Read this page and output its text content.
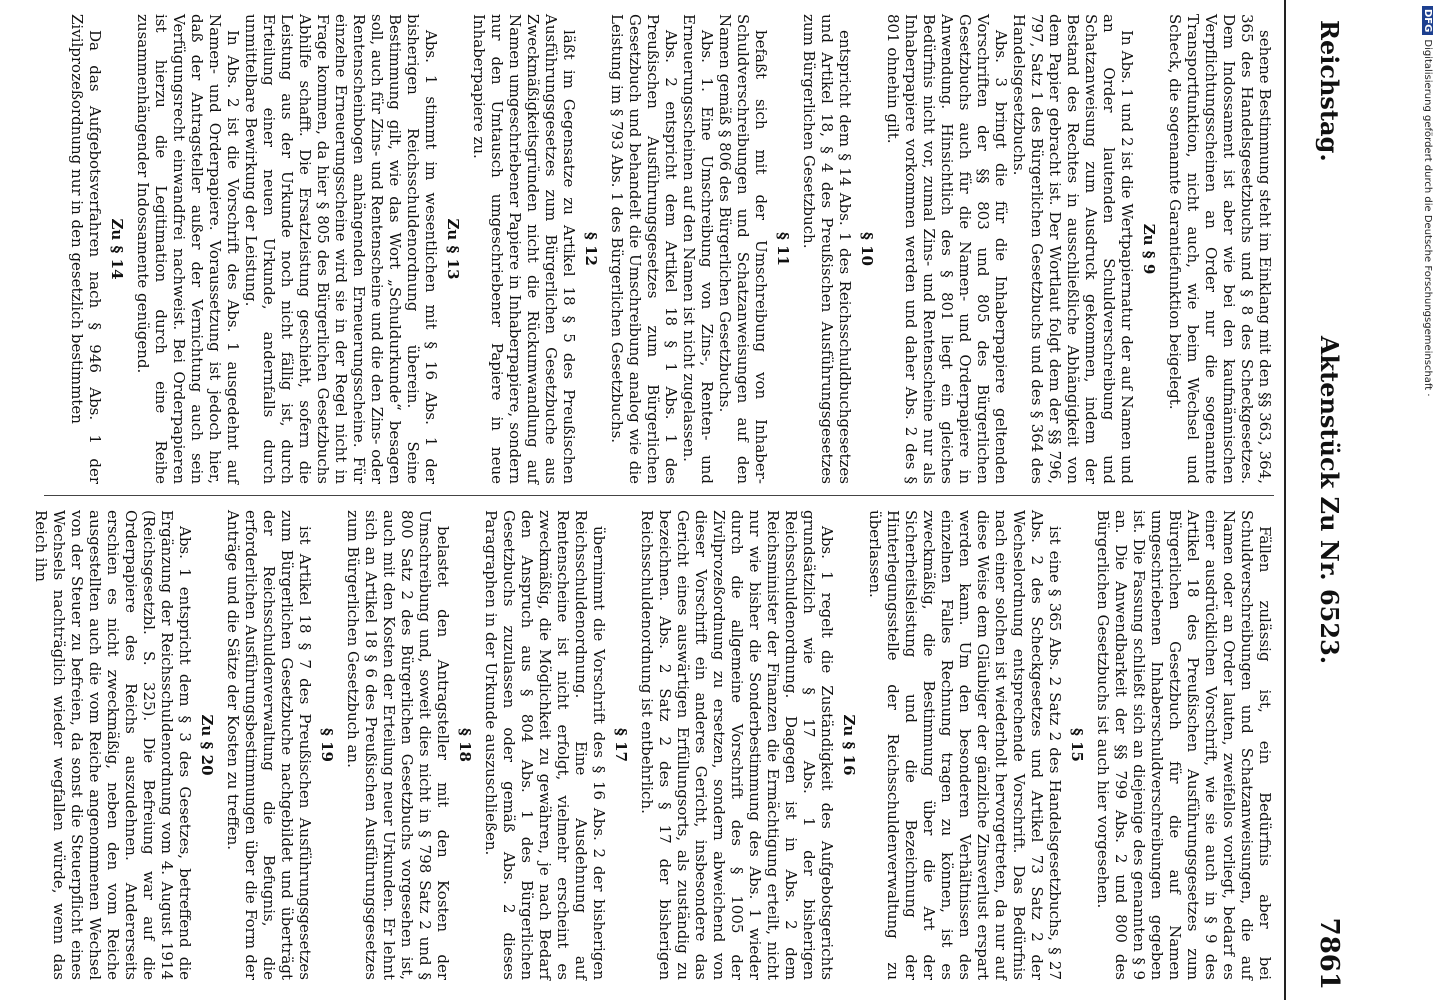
Reichstag.
Aktenstück Zu Nr. 6523.
7861

sehene Bestimmung steht im Einklang mit den §§ 363, 364, 365 des Handelsgesetzbuchs und § 8 des Scheckgesetzes. Dem Indossament ist aber wie bei den kaufmännischen Verpflichtungsscheinen an Order nur die sogenannte Transportfunktion, nicht auch, wie beim Wechsel und Scheck, die sogenannte Garantiefunktion beigelegt.

Zu § 9

In Abs. 1 und 2 ist die Wertpapiernatur der auf Namen und an Order lautenden Schuldverschreibung und Schatzanweisung zum Ausdruck gekommen, indem der Bestand des Rechtes in ausschließliche Abhängigkeit von dem Papier gebracht ist. Der Wortlaut folgt dem der §§ 796, 797, Satz 1 des Bürgerlichen Gesetzbuchs und des § 364 des Handelsgesetzbuchs.

Abs. 3 bringt die für die Inhaberpapiere geltenden Vorschriften der §§ 803 und 805 des Bürgerlichen Gesetzbuchs auch für die Namen- und Orderpapiere in Anwendung. Hinsichtlich des § 801 liegt ein gleiches Bedürfnis nicht vor, zumal Zins- und Rentenscheine nur als Inhaberpapiere vorkommen werden und daher Abs. 2 des § 801 ohnehin gilt.

§ 10

entspricht dem § 14 Abs. 1 des Reichsschuldbuchgesetzes und Artikel 18, § 4 des Preußischen Ausführungsgesetzes zum Bürgerlichen Gesetzbuch.

§ 11

befaßt sich mit der Umschreibung von Inhaber-Schuldverschreibungen und Schatzanweisungen auf den Namen gemäß § 806 des Bürgerlichen Gesetzbuchs.

Abs. 1. Eine Umschreibung von Zins-, Renten- und Erneuerungsscheinen auf den Namen ist nicht zugelassen.

Abs. 2 entspricht dem Artikel 18 § 1 Abs. 1 des Preußischen Ausführungsgesetzes zum Bürgerlichen Gesetzbuch und behandelt die Umschreibung analog wie die Leistung im § 793 Abs. 1 des Bürgerlichen Gesetzbuchs.

§ 12

läßt im Gegensatze zu Artikel 18 § 5 des Preußischen Ausführungsgesetzes zum Bürgerlichen Gesetzbuche aus Zweckmäßigkeitsgründen nicht die Rückumwandlung auf Namen umgeschriebener Papiere in Inhaberpapiere, sondern nur den Umtausch umgeschriebener Papiere in neue Inhaberpapiere zu.

Zu § 13

Abs. 1 stimmt im wesentlichen mit § 16 Abs. 1 der bisherigen Reichsschuldenordnung überein. Seine Bestimmung gilt, wie das Wort „Schuldurkunde“ besagen soll, auch für Zins- und Rentenscheine und die den Zins- oder Rentenscheinbogen anhängenden Erneuerungsscheine. Für einzelne Erneuerungsscheine wird sie in der Regel nicht in Frage kommen, da hier § 805 des Bürgerlichen Gesetzbuchs Abhilfe schafft. Die Ersatzleistung geschieht, sofern die Leistung aus der Urkunde noch nicht fällig ist, durch Erteilung einer neuen Urkunde, andernfalls durch unmittelbare Bewirkung der Leistung.

In Abs. 2 ist die Vorschrift des Abs. 1 ausgedehnt auf Namen- und Orderpapiere. Voraussetzung ist jedoch hier, daß der Antragsteller außer der Vernichtung auch sein Verfügungsrecht einwandfrei nachweist. Bei Orderpapieren ist hierzu die Legitimation durch eine Reihe zusammenhängender Indossamente genügend.

Zu § 14

Da das Aufgebotsverfahren nach § 946 Abs. 1 der Zivilprozeßordnung nur in den gesetzlich bestimmten

Fällen zulässig ist, ein Bedürfnis aber bei Schuldverschreibungen und Schatzanweisungen, die auf Namen oder an Order lauten, zweifellos vorliegt, bedarf es einer ausdrücklichen Vorschrift, wie sie auch in § 9 des Artikel 18 des Preußischen Ausführungsgesetzes zum Bürgerlichen Gesetzbuch für die auf Namen umgeschriebenen Inhaberschuldverschreibungen gegeben ist. Die Fassung schließt sich an diejenige des genannten § 9 an. Die Anwendbarkeit der §§ 799 Abs. 2 und 800 des Bürgerlichen Gesetzbuchs ist auch hier vorgesehen.

§ 15

ist eine § 365 Abs. 2 Satz 2 des Handelsgesetzbuchs, § 27 Abs. 2 des Scheckgesetzes und Artikel 73 Satz 2 der Wechselordnung entsprechende Vorschrift. Das Bedürfnis nach einer solchen ist wiederholt hervorgetreten, da nur auf diese Weise dem Gläubiger der gänzliche Zinsverlust erspart werden kann. Um den besonderen Verhältnissen des einzelnen Falles Rechnung tragen zu können, ist es zweckmäßig, die Bestimmung über die Art der Sicherheitsleistung und die Bezeichnung der Hinterlegungsstelle der Reichsschuldenverwaltung zu überlassen.

Zu § 16

Abs. 1 regelt die Zuständigkeit des Aufgebotsgerichts grundsätzlich wie § 17 Abs. 1 der bisherigen Reichsschuldenordnung. Dagegen ist in Abs. 2 dem Reichsminister der Finanzen die Ermächtigung erteilt, nicht nur wie bisher die Sonderbestimmung des Abs. 1 wieder durch die allgemeine Vorschrift des § 1005 der Zivilprozeßordnung zu ersetzen, sondern abweichend von dieser Vorschrift ein anderes Gericht, insbesondere das Gericht eines auswärtigen Erfüllungsorts, als zuständig zu bezeichnen. Abs. 2 Satz 2 des § 17 der bisherigen Reichsschuldenordnung ist entbehrlich.

§ 17

übernimmt die Vorschrift des § 16 Abs. 2 der bisherigen Reichsschuldenordnung. Eine Ausdehnung auf Rentenscheine ist nicht erfolgt, vielmehr erscheint es zweckmäßig, die Möglichkeit zu gewähren, je nach Bedarf den Anspruch aus § 804 Abs. 1 des Bürgerlichen Gesetzbuchs zuzulassen oder gemäß Abs. 2 dieses Paragraphen in der Urkunde auszuschließen.

§ 18

belastet den Antragsteller mit den Kosten der Umschreibung und, soweit dies nicht in § 798 Satz 2 und § 800 Satz 2 des Bürgerlichen Gesetzbuchs vorgesehen ist, auch mit den Kosten der Erteilung neuer Urkunden. Er lehnt sich an Artikel 18 § 6 des Preußischen Ausführungsgesetzes zum Bürgerlichen Gesetzbuch an.

§ 19

ist Artikel 18 § 7 des Preußischen Ausführungsgesetzes zum Bürgerlichen Gesetzbuche nachgebildet und überträgt der Reichsschuldenverwaltung die Befugnis, die erforderlichen Ausführungsbestimmungen über die Form der Anträge und die Sätze der Kosten zu treffen.

Zu § 20

Abs. 1 entspricht dem § 3 des Gesetzes, betreffend die Ergänzung der Reichsschuldenordnung vom 4. August 1914 (Reichsgesetzbl. S. 325). Die Befreiung war auf die Orderpapiere des Reichs auszudehnen. Andererseits erschien es nicht zweckmäßig, neben den vom Reiche ausgestellten auch die vom Reiche angenommenen Wechsel von der Steuer zu befreien, da sonst die Steuerpflicht eines Wechsels nachträglich wieder wegfallen würde, wenn das Reich ihn

DFGDigitalisierung gefördert durch die Deutsche Forschungsgemeinschaft ·
